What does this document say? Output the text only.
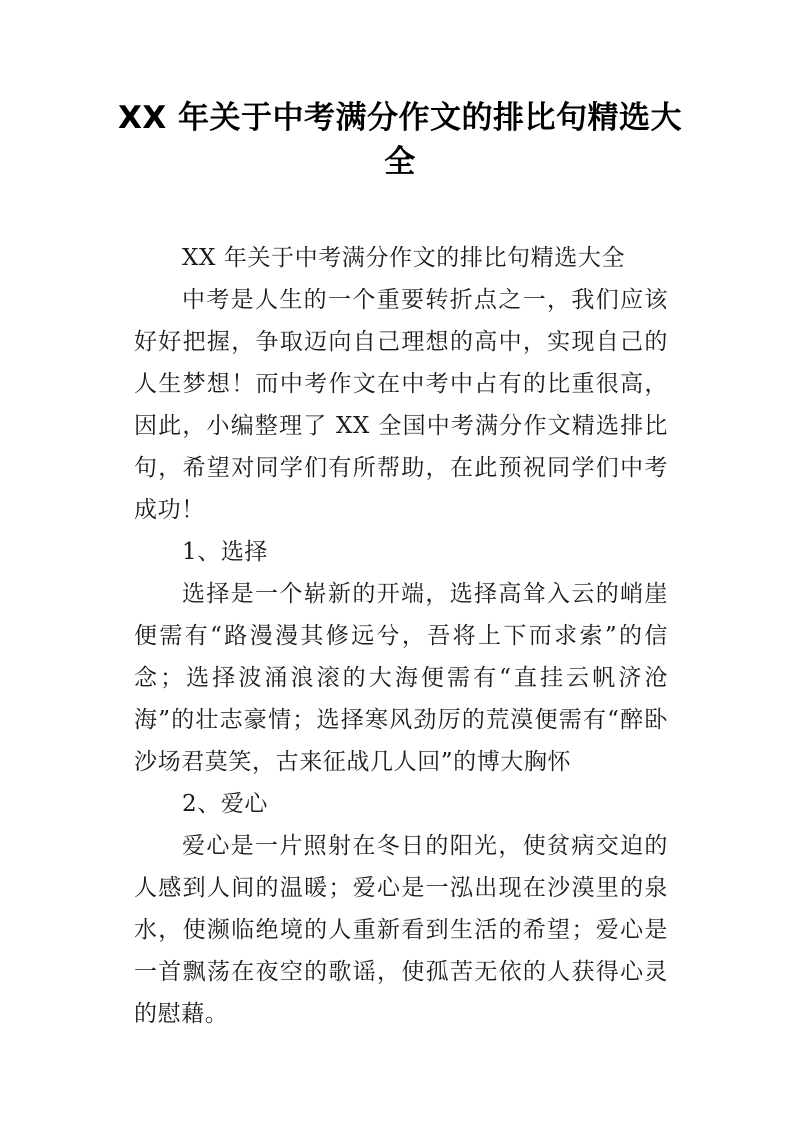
XX 年关于中考满分作文的排比句精选大全

XX 年关于中考满分作文的排比句精选大全

中考是人生的一个重要转折点之一，我们应该好好把握，争取迈向自己理想的高中，实现自己的人生梦想！而中考作文在中考中占有的比重很高，因此，小编整理了 XX 全国中考满分作文精选排比句，希望对同学们有所帮助，在此预祝同学们中考成功！

1、选择

选择是一个崭新的开端，选择高耸入云的峭崖便需有“路漫漫其修远兮，吾将上下而求索”的信念；选择波涌浪滚的大海便需有“直挂云帆济沧海”的壮志豪情；选择寒风劲厉的荒漠便需有“醉卧沙场君莫笑，古来征战几人回”的博大胸怀

2、爱心

爱心是一片照射在冬日的阳光，使贫病交迫的人感到人间的温暖；爱心是一泓出现在沙漠里的泉水，使濒临绝境的人重新看到生活的希望；爱心是一首飘荡在夜空的歌谣，使孤苦无依的人获得心灵的慰藉。
